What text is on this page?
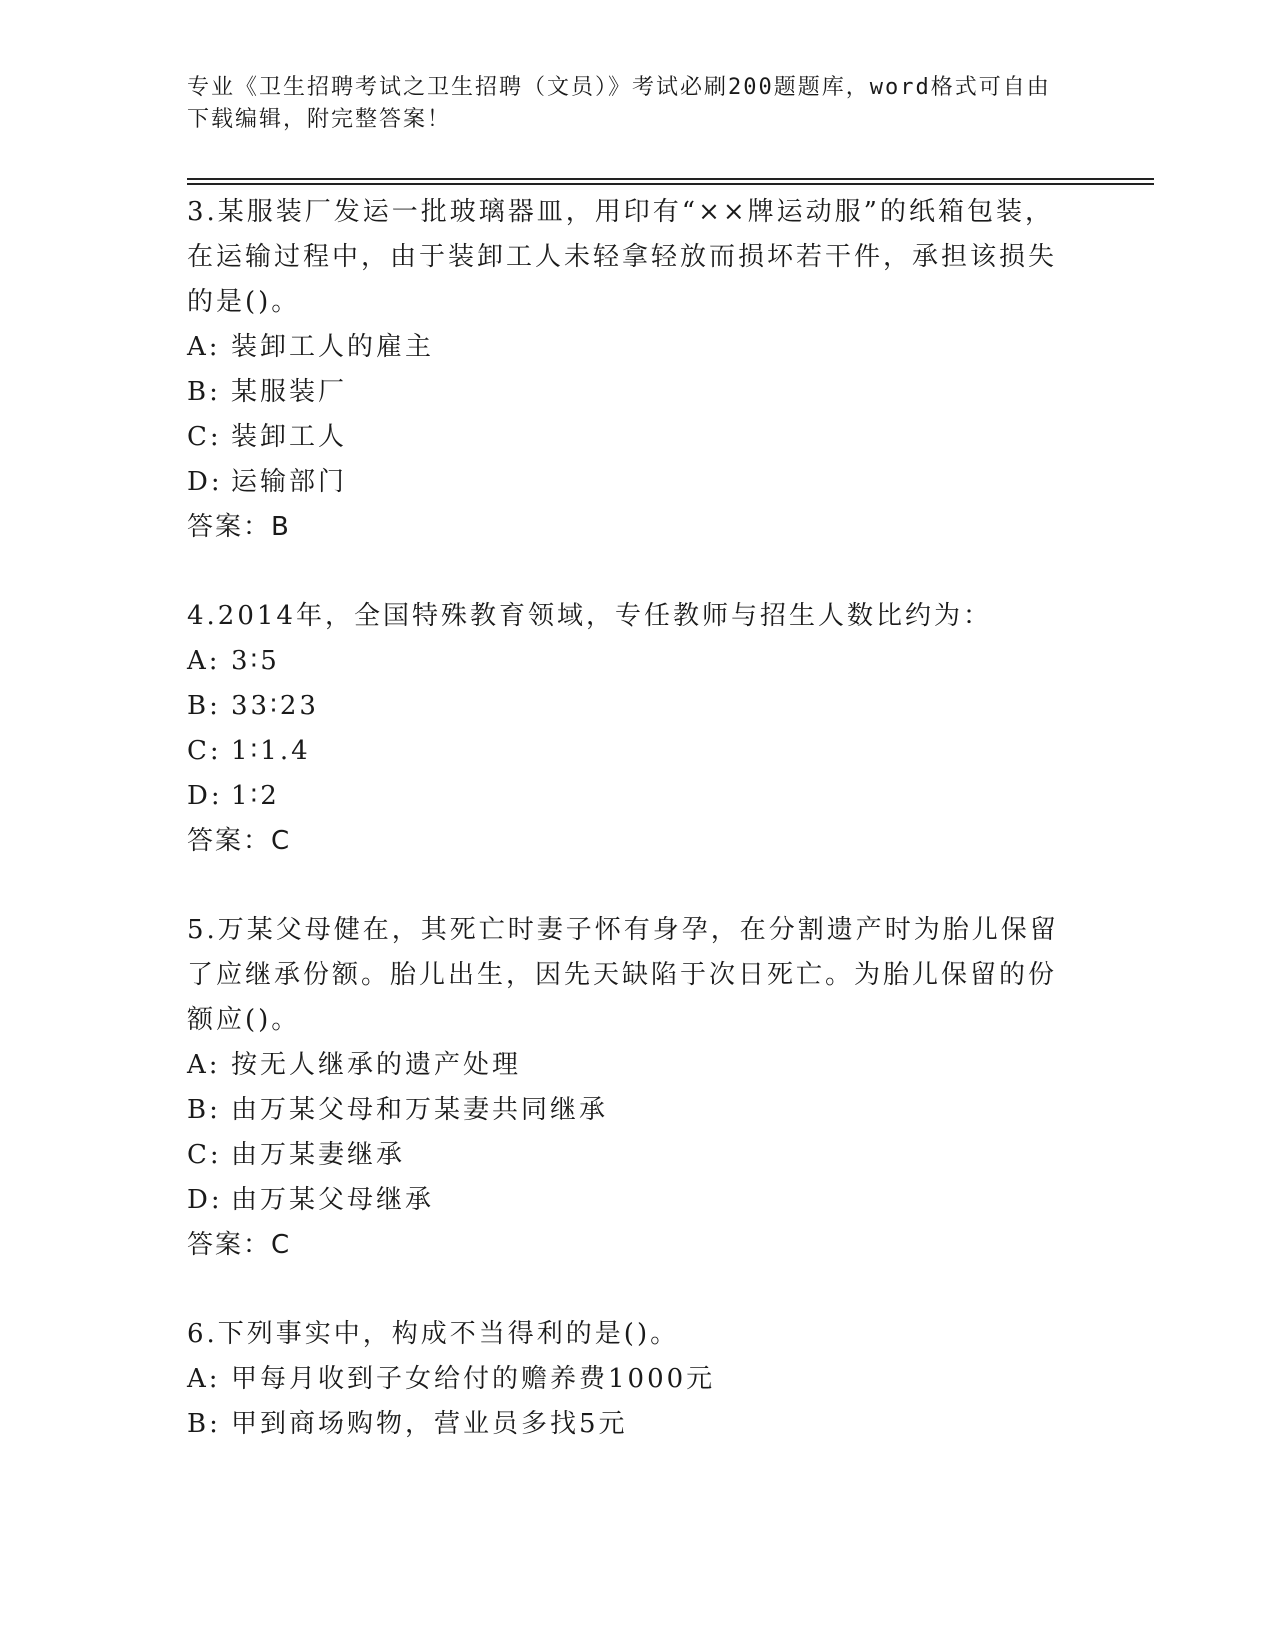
专业《卫生招聘考试之卫生招聘（文员）》考试必刷200题题库，word格式可自由下载编辑，附完整答案！
3.某服装厂发运一批玻璃器皿，用印有“××牌运动服”的纸箱包装，在运输过程中，由于装卸工人未轻拿轻放而损坏若干件，承担该损失的是()。
A: 装卸工人的雇主
B: 某服装厂
C: 装卸工人
D: 运输部门
答案：B
4.2014年，全国特殊教育领域，专任教师与招生人数比约为：
A: 3∶5
B: 33∶23
C: 1∶1.4
D: 1∶2
答案：C
5.万某父母健在，其死亡时妻子怀有身孕，在分割遗产时为胎儿保留了应继承份额。胎儿出生，因先天缺陷于次日死亡。为胎儿保留的份额应()。
A: 按无人继承的遗产处理
B: 由万某父母和万某妻共同继承
C: 由万某妻继承
D: 由万某父母继承
答案：C
6.下列事实中，构成不当得利的是()。
A: 甲每月收到子女给付的赡养费1000元
B: 甲到商场购物，营业员多找5元
